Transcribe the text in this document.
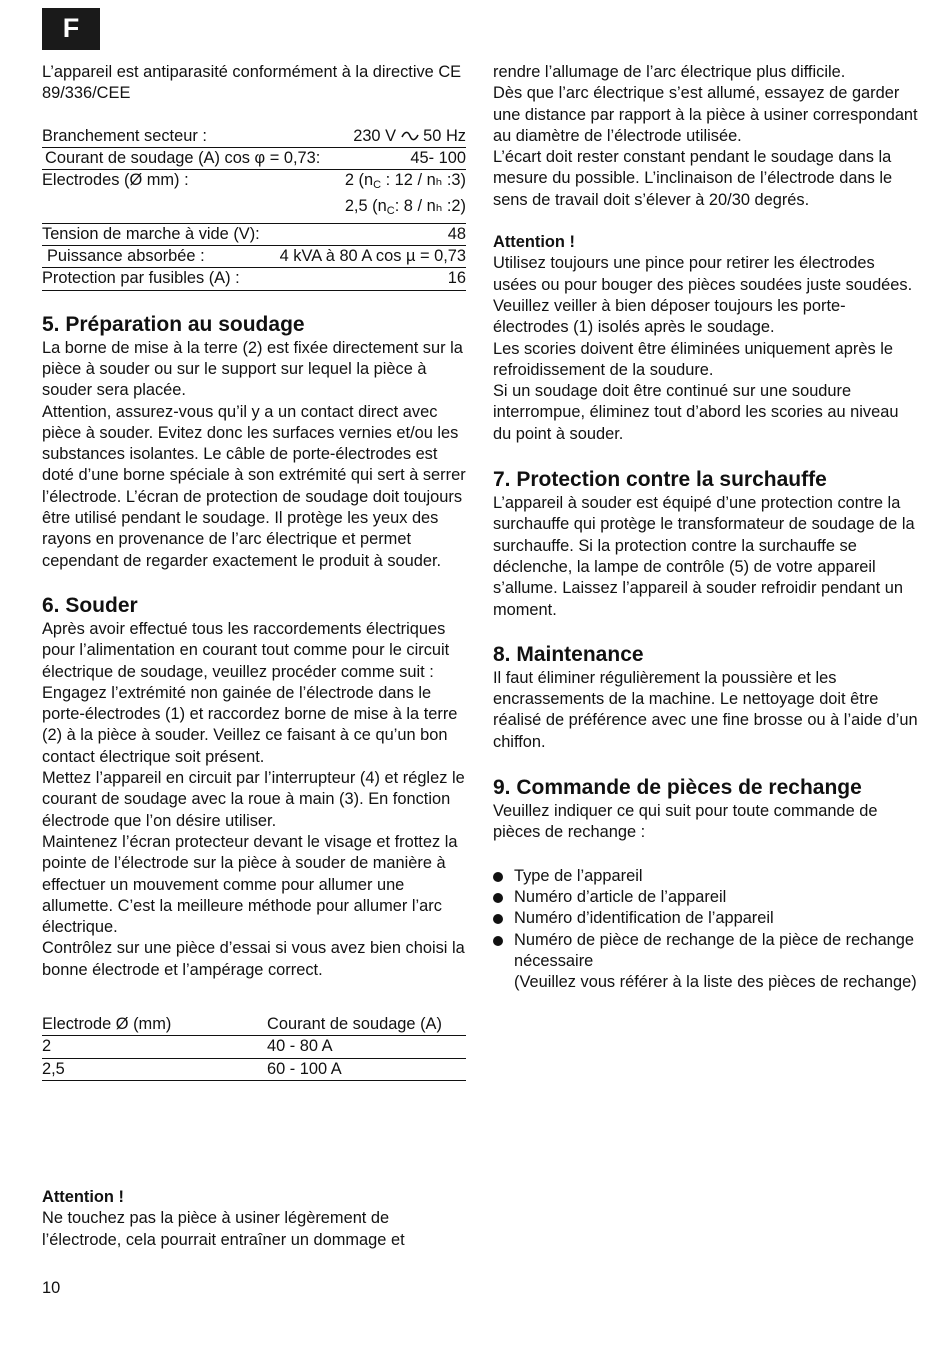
F

L’appareil est antiparasité conformément à la directive CE 89/336/CEE

Branchement secteur :	230 V 50 Hz
Courant de soudage (A) cos φ = 0,73:	45- 100
Electrodes (Ø mm) :	2 ($n_C$ : 12 / nₕ :3)
2,5 ($n_C$: 8 / nₕ :2)
Tension de marche à vide (V):	48
Puissance absorbée :	4 kVA à 80 A cos µ = 0,73
Protection par fusibles (A) :	16
5. Préparation au soudage

La borne de mise à la terre (2) est fixée directement sur la pièce à souder ou sur le support sur lequel la pièce à souder sera placée.

Attention, assurez-vous qu’il y a un contact direct avec pièce à souder. Evitez donc les surfaces vernies et/ou les substances isolantes. Le câble de porte-électrodes est doté d’une borne spéciale à son extrémité qui sert à serrer l’électrode. L’écran de protection de soudage doit toujours être utilisé pendant le soudage. Il protège les yeux des rayons en provenance de l’arc électrique et permet cependant de regarder exactement le produit à souder.

6. Souder

Après avoir effectué tous les raccordements électriques pour l’alimentation en courant tout comme pour le circuit électrique de soudage, veuillez procéder comme suit :

Engagez l’extrémité non gainée de l’électrode dans le porte-électrodes (1) et raccordez borne de mise à la terre (2) à la pièce à souder. Veillez ce faisant à ce qu’un bon contact électrique soit présent.

Mettez l’appareil en circuit par l’interrupteur (4) et réglez le courant de soudage avec la roue à main (3). En fonction électrode que l’on désire utiliser.

Maintenez l’écran protecteur devant le visage et frottez la pointe de l’électrode sur la pièce à souder de manière à effectuer un mouvement comme pour allumer une allumette. C’est la meilleure méthode pour allumer l’arc électrique.

Contrôlez sur une pièce d’essai si vous avez bien choisi la bonne électrode et l’ampérage correct.

Electrode Ø (mm)	Courant de soudage (A)
2	40 - 80 A
2,5	60 - 100 A
Attention !

Ne touchez pas la pièce à usiner légèrement de l’électrode, cela pourrait entraîner un dommage et

10

rendre l’allumage de l’arc électrique plus difficile.

Dès que l’arc électrique s’est allumé, essayez de garder une distance par rapport à la pièce à usiner correspondant au diamètre de l’électrode utilisée.

L’écart doit rester constant pendant le soudage dans la mesure du possible. L’inclinaison de l’électrode dans le sens de travail doit s’élever à 20/30 degrés.

Attention !

Utilisez toujours une pince pour retirer les électrodes usées ou pour bouger des pièces soudées juste soudées. Veuillez veiller à bien déposer toujours les porte-électrodes (1) isolés après le soudage.

Les scories doivent être éliminées uniquement après le refroidissement de la soudure.

Si un soudage doit être continué sur une soudure interrompue, éliminez tout d’abord les scories au niveau du point à souder.

7. Protection contre la surchauffe

L’appareil à souder est équipé d’une protection contre la surchauffe qui protège le transformateur de soudage de la surchauffe. Si la protection contre la surchauffe se déclenche, la lampe de contrôle (5) de votre appareil s’allume. Laissez l’appareil à souder refroidir pendant un moment.

8. Maintenance

Il faut éliminer régulièrement la poussière et les encrassements de la machine. Le nettoyage doit être réalisé de préférence avec une fine brosse ou à l’aide d’un chiffon.

9. Commande de pièces de rechange

Veuillez indiquer ce qui suit pour toute commande de pièces de rechange :

Type de l’appareil
Numéro d’article de l’appareil
Numéro d’identification de l’appareil
Numéro de pièce de rechange de la pièce de rechange nécessaire

(Veuillez vous référer à la liste des pièces de rechange)
